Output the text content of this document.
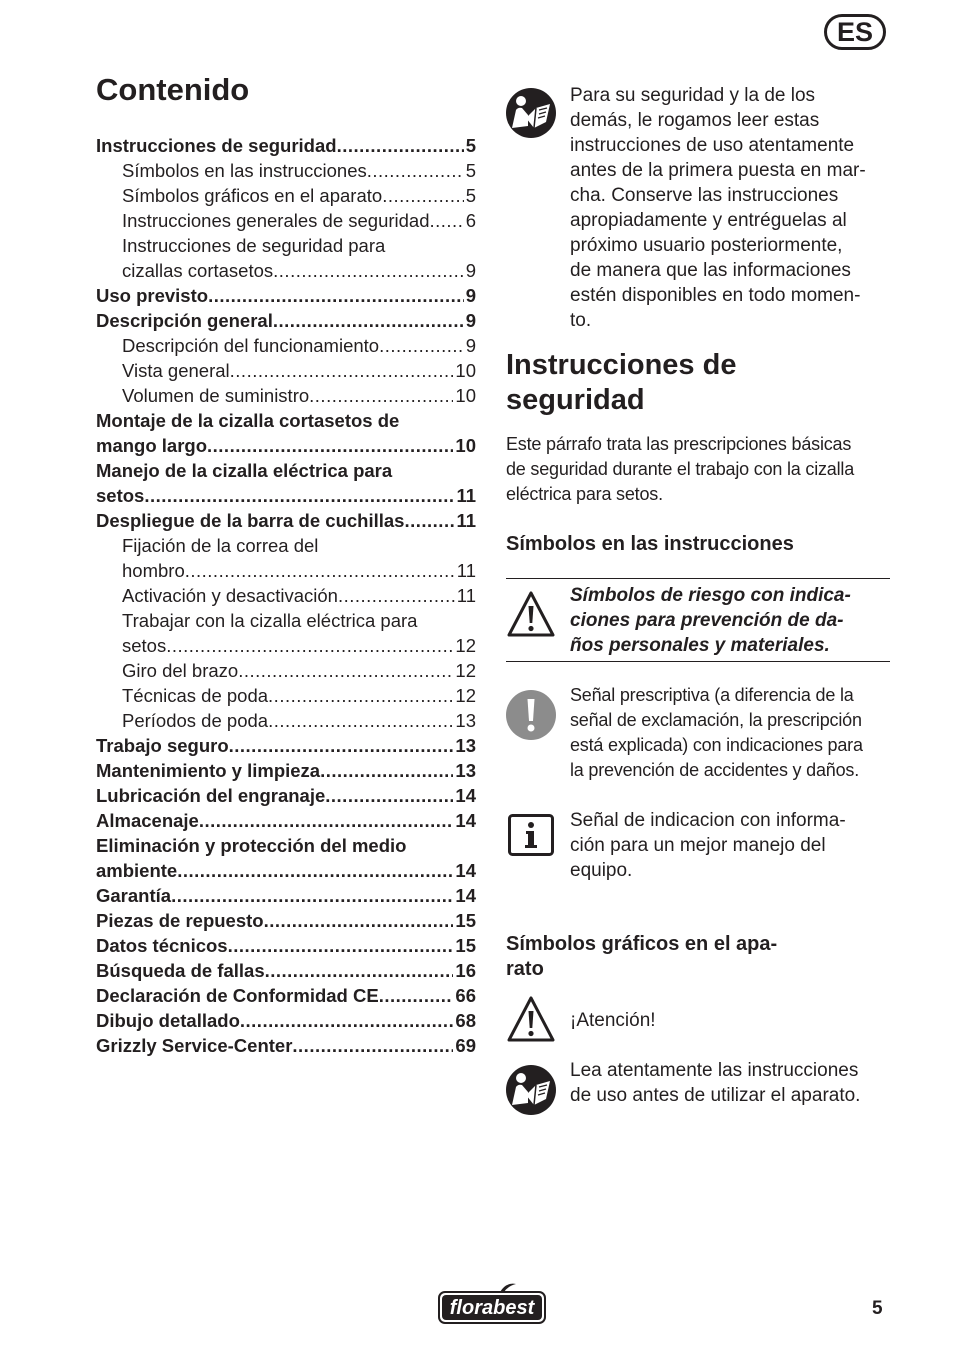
ES
Contenido
Instrucciones de seguridad .....	5
Símbolos en las instrucciones .....	5
Símbolos gráficos en el aparato .....	5
Instrucciones generales de seguridad ..... 6
Instrucciones de seguridad para
cizallas cortasetos .....	9
Uso previsto .....	9
Descripción general .....	9
Descripción del funcionamiento .....	9
Vista general .....	10
Volumen de suministro .....	10
Montaje de la cizalla cortasetos de
mango largo .....	10
Manejo de la cizalla eléctrica para
setos .....	11
Despliegue de la barra de cuchillas .....	11
Fijación de la correa del
hombro .....	11
Activación y desactivación .....	11
Trabajar con la cizalla eléctrica para
setos .....	12
Giro del brazo .....	12
Técnicas de poda .....	12
Períodos de poda .....	13
Trabajo seguro .....	13
Mantenimiento y limpieza .....	13
Lubricación del engranaje .....	14
Almacenaje .....	14
Eliminación y protección del medio
ambiente .....	14
Garantía .....	14
Piezas de repuesto .....	15
Datos técnicos .....	15
Búsqueda de fallas .....	16
Declaración de Conformidad CE .....	66
Dibujo detallado .....	68
Grizzly Service-Center .....	69
Para su seguridad y la de los
demás, le rogamos leer estas
instrucciones de uso atentamente
antes de la primera puesta en mar-
cha. Conserve las instrucciones
apropiadamente y entréguelas al
próximo usuario posteriormente,
de manera que las informaciones
estén disponibles en todo momen-
to.
Instrucciones de
seguridad
Este párrafo trata las prescripciones básicas
de seguridad durante el trabajo con la cizalla
eléctrica para setos.
Símbolos en las instrucciones
Símbolos de riesgo con indica-
ciones para prevención de da-
ños personales y materiales.
Señal prescriptiva (a diferencia de la
señal de exclamación, la prescripción
está explicada) con indicaciones para
la prevención de accidentes y daños.
Señal de indicacion con informa-
ción para un mejor manejo del
equipo.
Símbolos gráficos en el apa-
rato
¡Atención!
Lea atentamente las instrucciones
de uso antes de utilizar el aparato.
florabest	5
